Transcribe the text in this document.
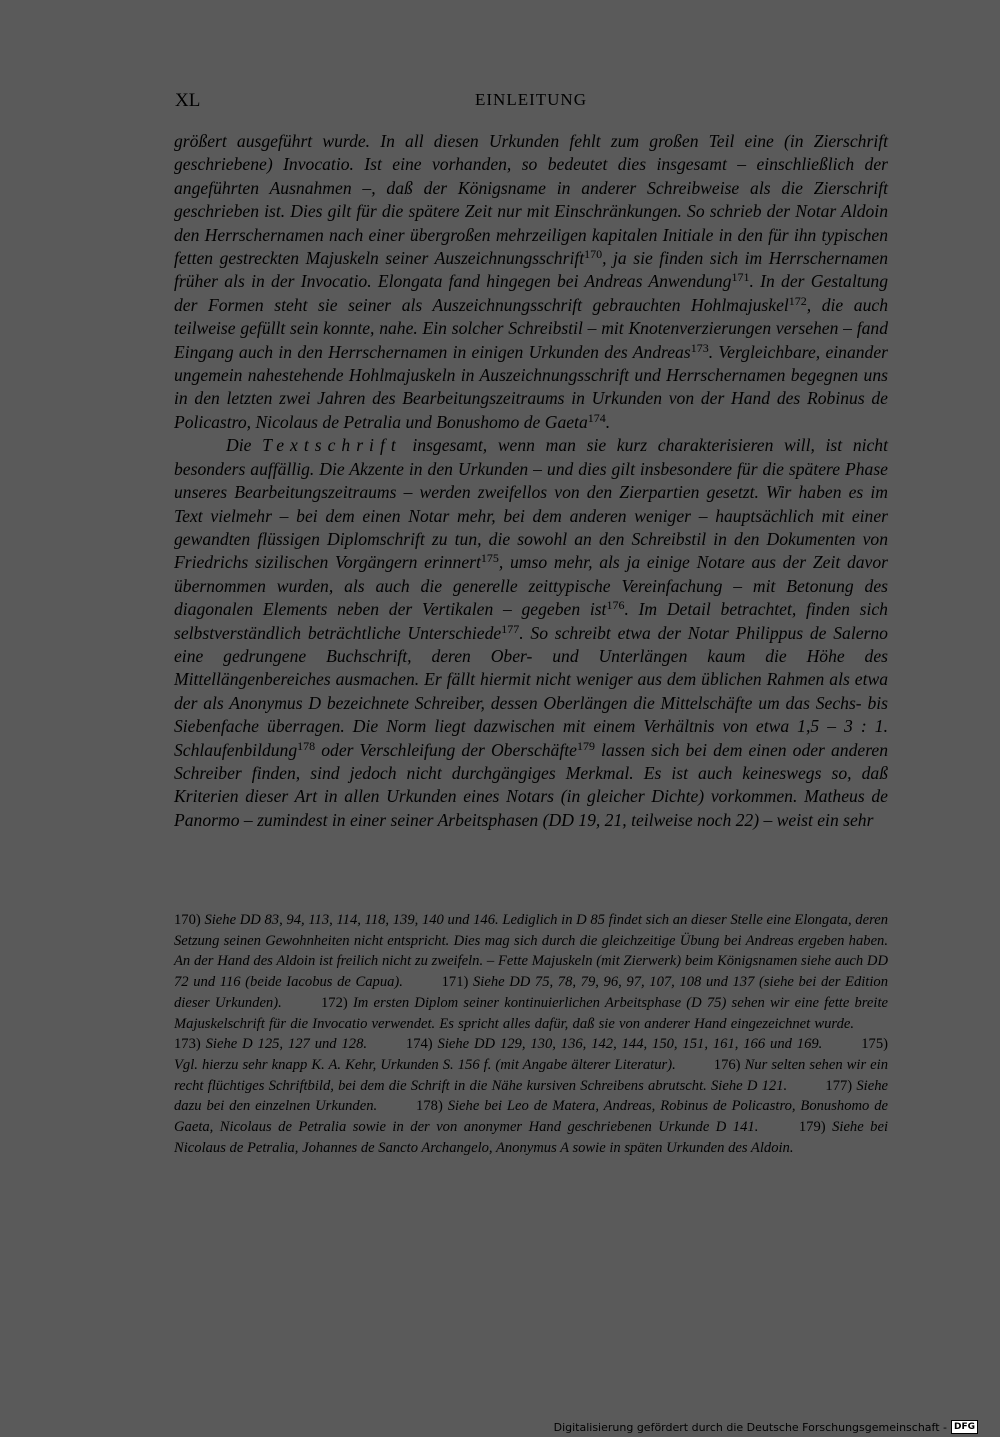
XL	EINLEITUNG

größert ausgeführt wurde. In all diesen Urkunden fehlt zum großen Teil eine (in Zierschrift geschriebene) Invocatio. Ist eine vorhanden, so bedeutet dies insgesamt – einschließlich der angeführten Ausnahmen –, daß der Königsname in anderer Schreibweise als die Zierschrift geschrieben ist. Dies gilt für die spätere Zeit nur mit Einschränkungen. So schrieb der Notar Aldoin den Herrschernamen nach einer übergroßen mehrzeiligen kapitalen Initiale in den für ihn typischen fetten gestreckten Majuskeln seiner Auszeichnungsschrift$^{170}$, ja sie finden sich im Herrschernamen früher als in der Invocatio. Elongata fand hingegen bei Andreas Anwendung$^{171}$. In der Gestaltung der Formen steht sie seiner als Auszeichnungsschrift gebrauchten Hohlmajuskel$^{172}$, die auch teilweise gefüllt sein konnte, nahe. Ein solcher Schreibstil – mit Knotenverzierungen versehen – fand Eingang auch in den Herrschernamen in einigen Urkunden des Andreas$^{173}$. Vergleichbare, einander ungemein nahestehende Hohlmajuskeln in Auszeichnungsschrift und Herrschernamen begegnen uns in den letzten zwei Jahren des Bearbeitungszeitraums in Urkunden von der Hand des Robinus de Policastro, Nicolaus de Petralia und Bonushomo de Gaeta$^{174}$.

Die Textschrift insgesamt, wenn man sie kurz charakterisieren will, ist nicht besonders auffällig. Die Akzente in den Urkunden – und dies gilt insbesondere für die spätere Phase unseres Bearbeitungszeitraums – werden zweifellos von den Zierpartien gesetzt. Wir haben es im Text vielmehr – bei dem einen Notar mehr, bei dem anderen weniger – hauptsächlich mit einer gewandten flüssigen Diplomschrift zu tun, die sowohl an den Schreibstil in den Dokumenten von Friedrichs sizilischen Vorgängern erinnert$^{175}$, umso mehr, als ja einige Notare aus der Zeit davor übernommen wurden, als auch die generelle zeittypische Vereinfachung – mit Betonung des diagonalen Elements neben der Vertikalen – gegeben ist$^{176}$. Im Detail betrachtet, finden sich selbstverständlich beträchtliche Unterschiede$^{177}$. So schreibt etwa der Notar Philippus de Salerno eine gedrungene Buchschrift, deren Ober- und Unterlängen kaum die Höhe des Mittellängenbereiches ausmachen. Er fällt hiermit nicht weniger aus dem üblichen Rahmen als etwa der als Anonymus D bezeichnete Schreiber, dessen Oberlängen die Mittelschäfte um das Sechs- bis Siebenfache überragen. Die Norm liegt dazwischen mit einem Verhältnis von etwa 1,5 – 3 : 1. Schlaufenbildung$^{178}$ oder Verschleifung der Oberschäfte$^{179}$ lassen sich bei dem einen oder anderen Schreiber finden, sind jedoch nicht durchgängiges Merkmal. Es ist auch keineswegs so, daß Kriterien dieser Art in allen Urkunden eines Notars (in gleicher Dichte) vorkommen. Matheus de Panormo – zumindest in einer seiner Arbeitsphasen (DD 19, 21, teilweise noch 22) – weist ein sehr

170) Siehe DD 83, 94, 113, 114, 118, 139, 140 und 146. Lediglich in D 85 findet sich an dieser Stelle eine Elongata, deren Setzung seinen Gewohnheiten nicht entspricht. Dies mag sich durch die gleichzeitige Übung bei Andreas ergeben haben. An der Hand des Aldoin ist freilich nicht zu zweifeln. – Fette Majuskeln (mit Zierwerk) beim Königsnamen siehe auch DD 72 und 116 (beide Iacobus de Capua).	171) Siehe DD 75, 78, 79, 96, 97, 107, 108 und 137 (siehe bei der Edition dieser Urkunden).	172) Im ersten Diplom seiner kontinuierlichen Arbeitsphase (D 75) sehen wir eine fette breite Majuskelschrift für die Invocatio verwendet. Es spricht alles dafür, daß sie von anderer Hand eingezeichnet wurde. 173) Siehe D 125, 127 und 128.	174) Siehe DD 129, 130, 136, 142, 144, 150, 151, 161, 166 und 169.	175) Vgl. hierzu sehr knapp K. A. Kehr, Urkunden S. 156 f. (mit Angabe älterer Literatur).	176) Nur selten sehen wir ein recht flüchtiges Schriftbild, bei dem die Schrift in die Nähe kursiven Schreibens abrutscht. Siehe D 121.	177) Siehe dazu bei den einzelnen Urkunden.	178) Siehe bei Leo de Matera, Andreas, Robinus de Policastro, Bonushomo de Gaeta, Nicolaus de Petralia sowie in der von anonymer Hand geschriebenen Urkunde D 141.	179) Siehe bei Nicolaus de Petralia, Johannes de Sancto Archangelo, Anonymus A sowie in späten Urkunden des Aldoin.
Digitalisierung gefördert durch die Deutsche Forschungsgemeinschaft - DFG
